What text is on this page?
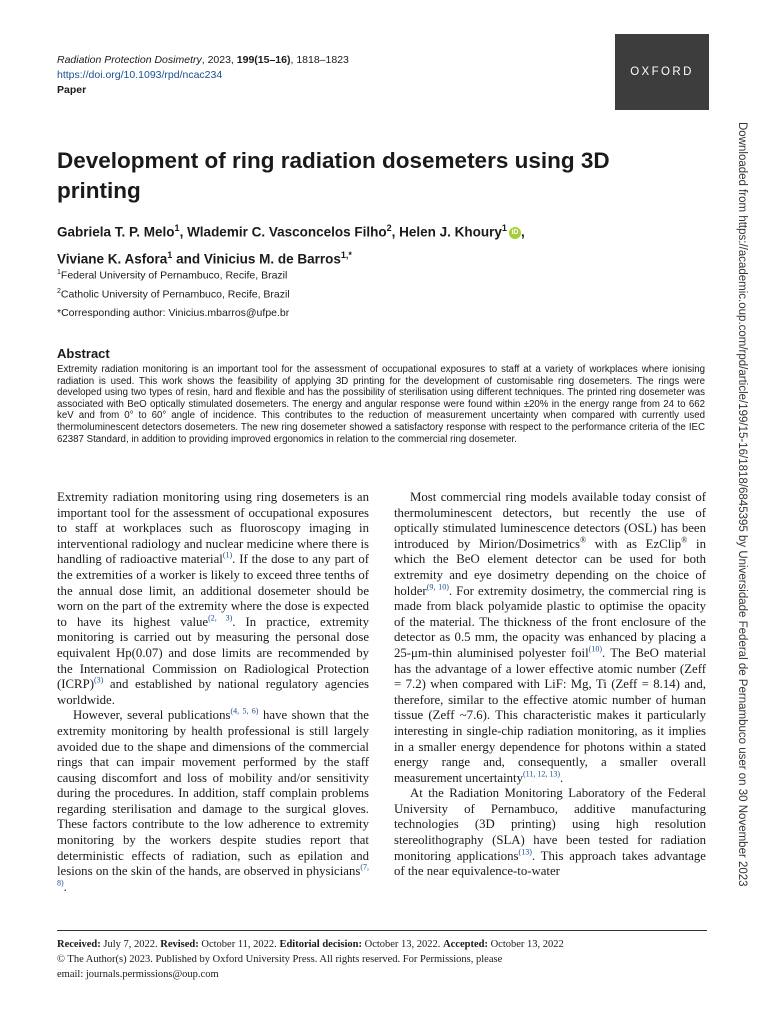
Radiation Protection Dosimetry, 2023, 199(15–16), 1818–1823
https://doi.org/10.1093/rpd/ncac234
Paper
OXFORD
Downloaded from https://academic.oup.com/rpd/article/199/15-16/1818/6845395 by Universidade Federal de Pernambuco user on 30 November 2023
Development of ring radiation dosemeters using 3D printing
Gabriela T. P. Melo$^1$, Wlademir C. Vasconcelos Filho$^2$, Helen J. Khoury$^1$ iD ,
Viviane K. Asfora$^1$ and Vinicius M. de Barros$^{1,*}$
$^1$Federal University of Pernambuco, Recife, Brazil
$^2$Catholic University of Pernambuco, Recife, Brazil
*Corresponding author: Vinicius.mbarros@ufpe.br
Abstract

Extremity radiation monitoring is an important tool for the assessment of occupational exposures to staff at a variety of workplaces where ionising radiation is used. This work shows the feasibility of applying 3D printing for the development of customisable ring dosemeters. The rings were developed using two types of resin, hard and flexible and has the possibility of sterilisation using different techniques. The printed ring dosemeter was associated with BeO optically stimulated dosemeters. The energy and angular response were found within ±20% in the energy range from 24 to 662 keV and from 0° to 60° angle of incidence. This contributes to the reduction of measurement uncertainty when compared with currently used thermoluminescent detectors dosemeters. The new ring dosemeter showed a satisfactory response with respect to the performance criteria of the IEC 62387 Standard, in addition to providing improved ergonomics in relation to the commercial ring dosemeter.

Extremity radiation monitoring using ring dosemeters is an important tool for the assessment of occupational exposures to staff at workplaces such as fluoroscopy imaging in interventional radiology and nuclear medicine where there is handling of radioactive material$^{(1)}$. If the dose to any part of the extremities of a worker is likely to exceed three tenths of the annual dose limit, an additional dosemeter should be worn on the part of the extremity where the dose is expected to have its highest value$^{(2, 3)}$. In practice, extremity monitoring is carried out by measuring the personal dose equivalent Hp(0.07) and dose limits are recommended by the International Commission on Radiological Protection (ICRP)$^{(3)}$ and established by national regulatory agencies worldwide.

However, several publications$^{(4, 5, 6)}$ have shown that the extremity monitoring by health professional is still largely avoided due to the shape and dimensions of the commercial rings that can impair movement performed by the staff causing discomfort and loss of mobility and/or sensitivity during the procedures. In addition, staff complain problems regarding sterilisation and damage to the surgical gloves. These factors contribute to the low adherence to extremity monitoring by the workers despite studies report that deterministic effects of radiation, such as epilation and lesions on the skin of the hands, are observed in physicians$^{(7, 8)}$.

Most commercial ring models available today consist of thermoluminescent detectors, but recently the use of optically stimulated luminescence detectors (OSL) has been introduced by Mirion/Dosimetrics® with as EzClip® in which the BeO element detector can be used for both extremity and eye dosimetry depending on the choice of holder$^{(9, 10)}$. For extremity dosimetry, the commercial ring is made from black polyamide plastic to optimise the opacity of the material. The thickness of the front enclosure of the detector as 0.5 mm, the opacity was enhanced by placing a 25-μm-thin aluminised polyester foil$^{(10)}$. The BeO material has the advantage of a lower effective atomic number (Zeff = 7.2) when compared with LiF: Mg, Ti (Zeff = 8.14) and, therefore, similar to the effective atomic number of human tissue (Zeff ~7.6). This characteristic makes it particularly interesting in single-chip radiation monitoring, as it implies in a smaller energy dependence for photons within a stated energy range and, consequently, a smaller overall measurement uncertainty$^{(11, 12, 13)}$.

At the Radiation Monitoring Laboratory of the Federal University of Pernambuco, additive manufacturing technologies (3D printing) using high resolution stereolithography (SLA) have been tested for radiation monitoring applications$^{(13)}$. This approach takes advantage of the near equivalence-to-water

Received: July 7, 2022. Revised: October 11, 2022. Editorial decision: October 13, 2022. Accepted: October 13, 2022
© The Author(s) 2023. Published by Oxford University Press. All rights reserved. For Permissions, please
email: journals.permissions@oup.com
